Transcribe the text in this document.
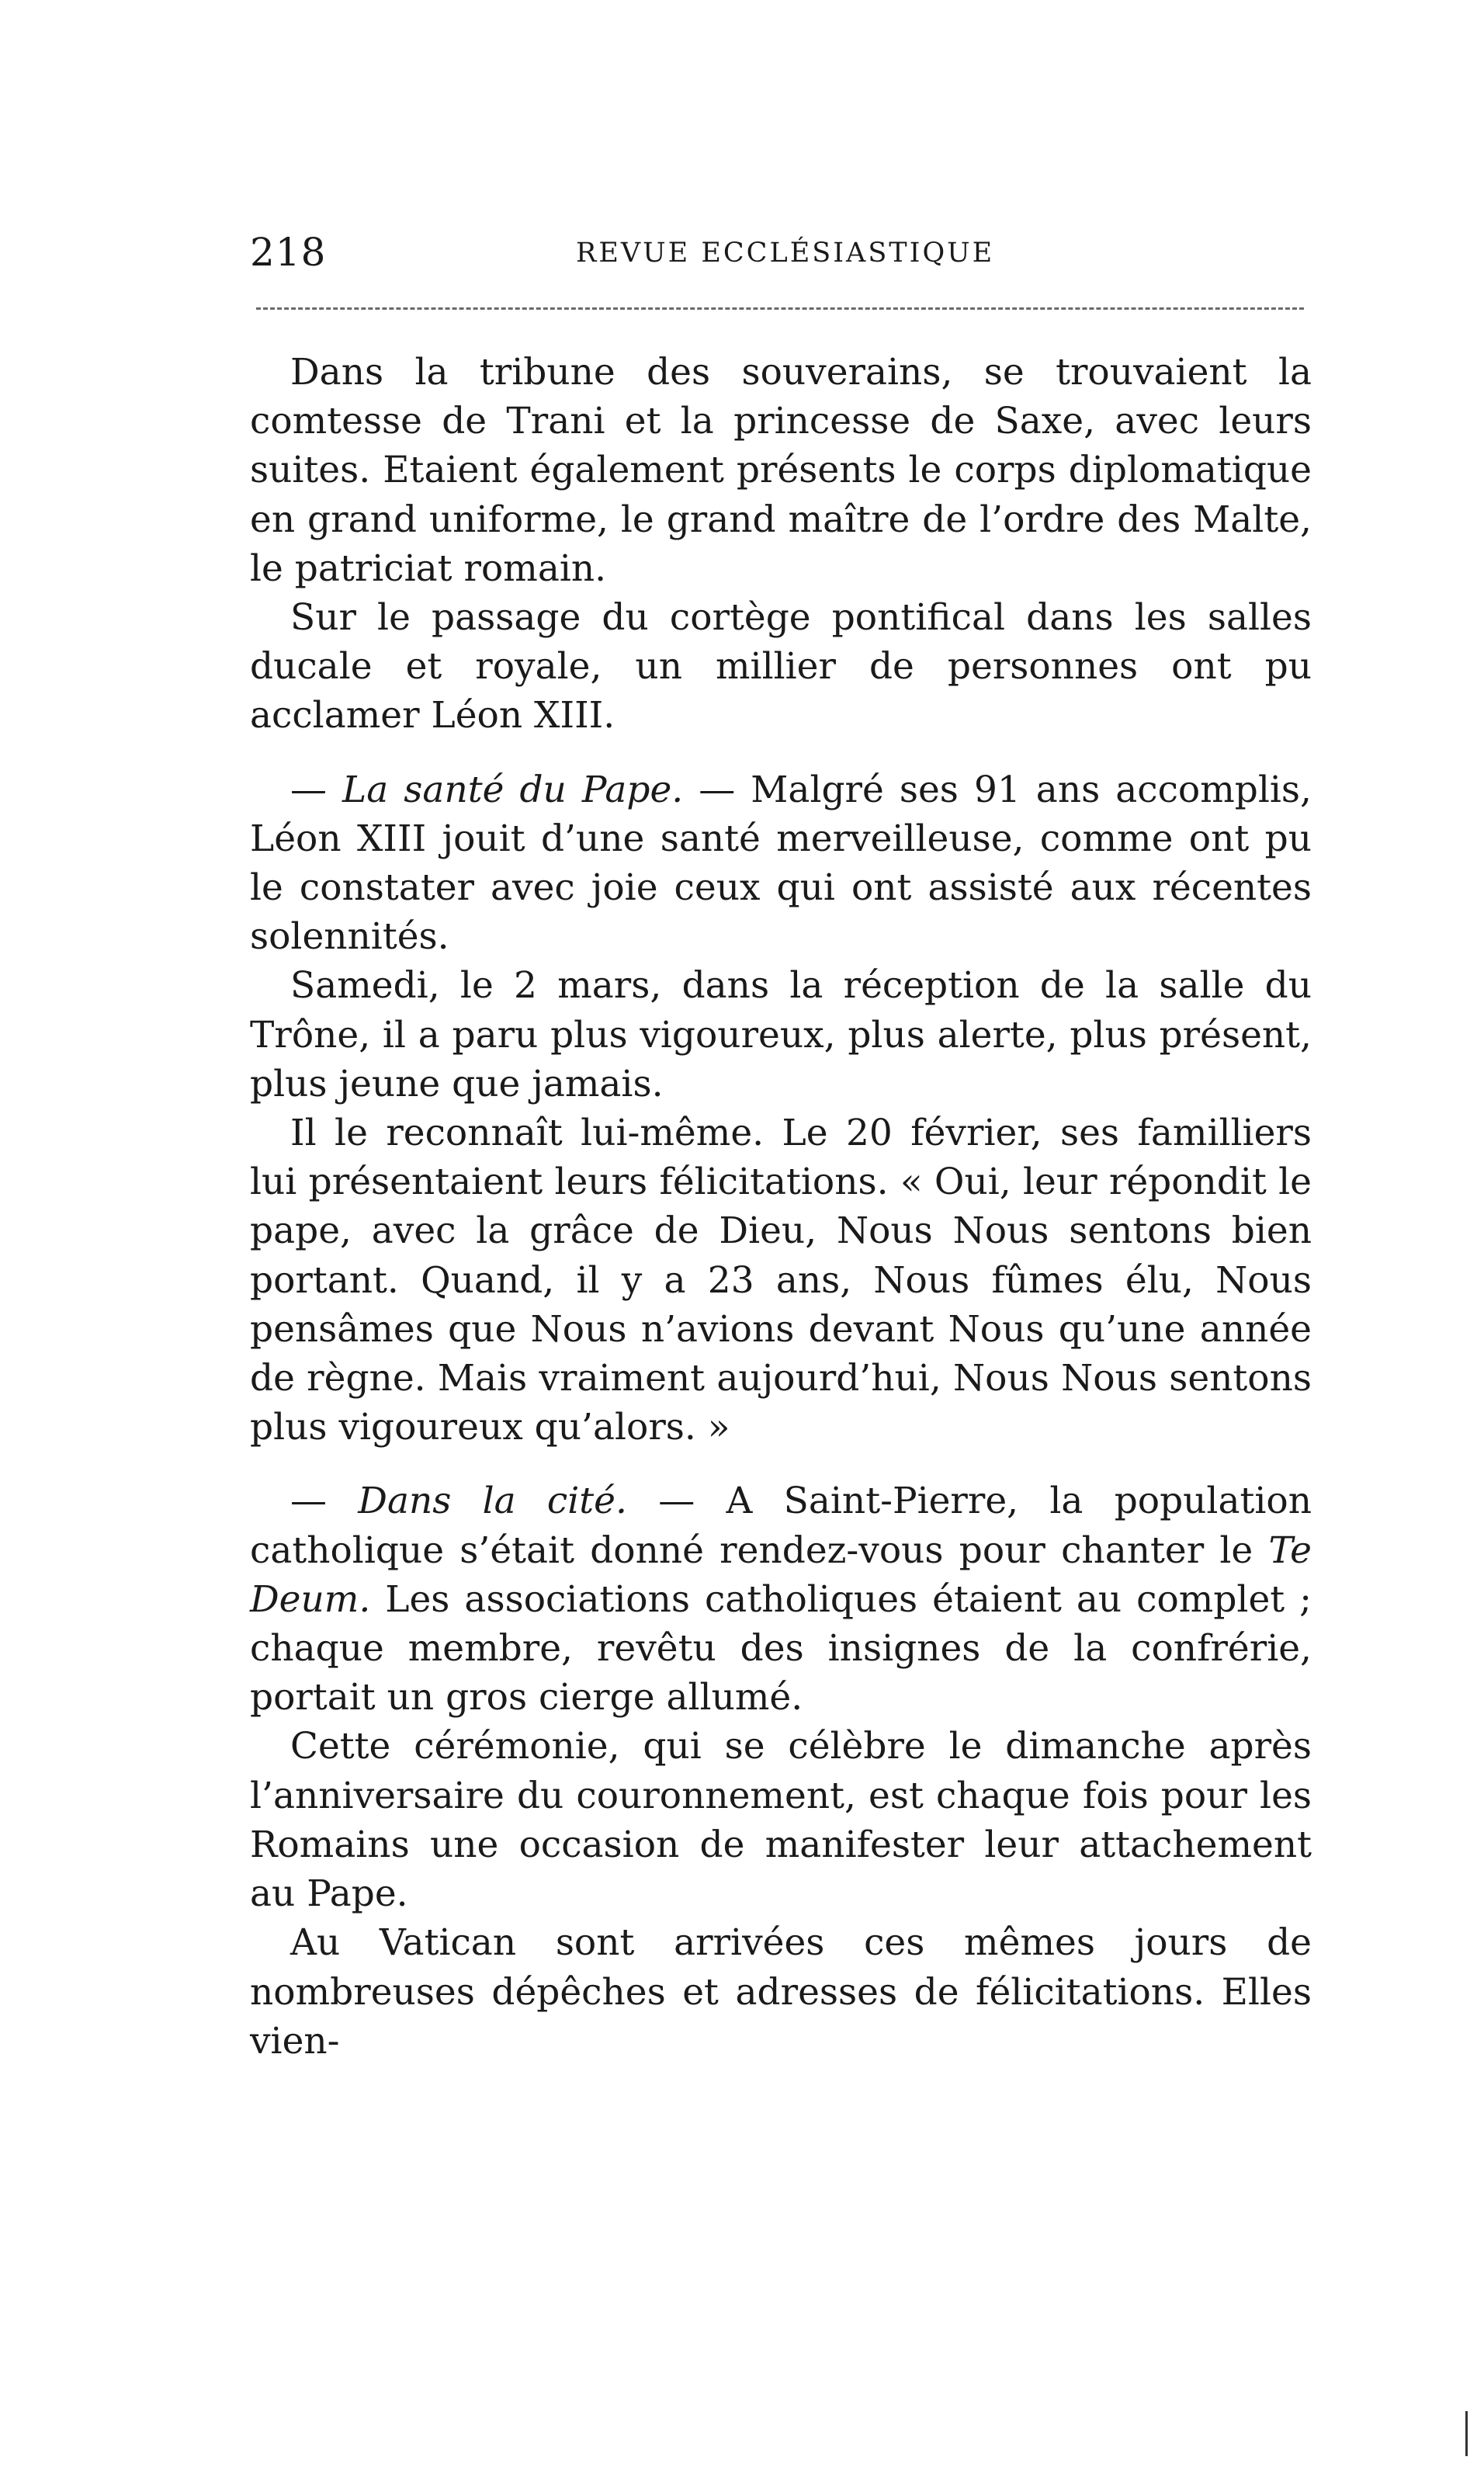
218	REVUE ECCLÉSIASTIQUE

Dans la tribune des souverains, se trouvaient la comtesse de Trani et la princesse de Saxe, avec leurs suites. Etaient également présents le corps diplomatique en grand uniforme, le grand maître de l’ordre des Malte, le patriciat romain.

Sur le passage du cortège pontifical dans les salles ducale et royale, un millier de personnes ont pu acclamer Léon XIII.

— La santé du Pape. — Malgré ses 91 ans accomplis, Léon XIII jouit d’une santé merveilleuse, comme ont pu le constater avec joie ceux qui ont assisté aux récentes solennités.

Samedi, le 2 mars, dans la réception de la salle du Trône, il a paru plus vigoureux, plus alerte, plus présent, plus jeune que jamais.

Il le reconnaît lui-même. Le 20 février, ses familliers lui présentaient leurs félicitations. « Oui, leur répondit le pape, avec la grâce de Dieu, Nous Nous sentons bien portant. Quand, il y a 23 ans, Nous fûmes élu, Nous pensâmes que Nous n’avions devant Nous qu’une année de règne. Mais vraiment aujourd’hui, Nous Nous sentons plus vigoureux qu’alors. »

— Dans la cité. — A Saint-Pierre, la population catholique s’était donné rendez-vous pour chanter le Te Deum. Les associations catholiques étaient au complet ; chaque membre, revêtu des insignes de la confrérie, portait un gros cierge allumé.

Cette cérémonie, qui se célèbre le dimanche après l’anniversaire du couronnement, est chaque fois pour les Romains une occasion de manifester leur attachement au Pape.

Au Vatican sont arrivées ces mêmes jours de nombreuses dépêches et adresses de félicitations. Elles vien-
